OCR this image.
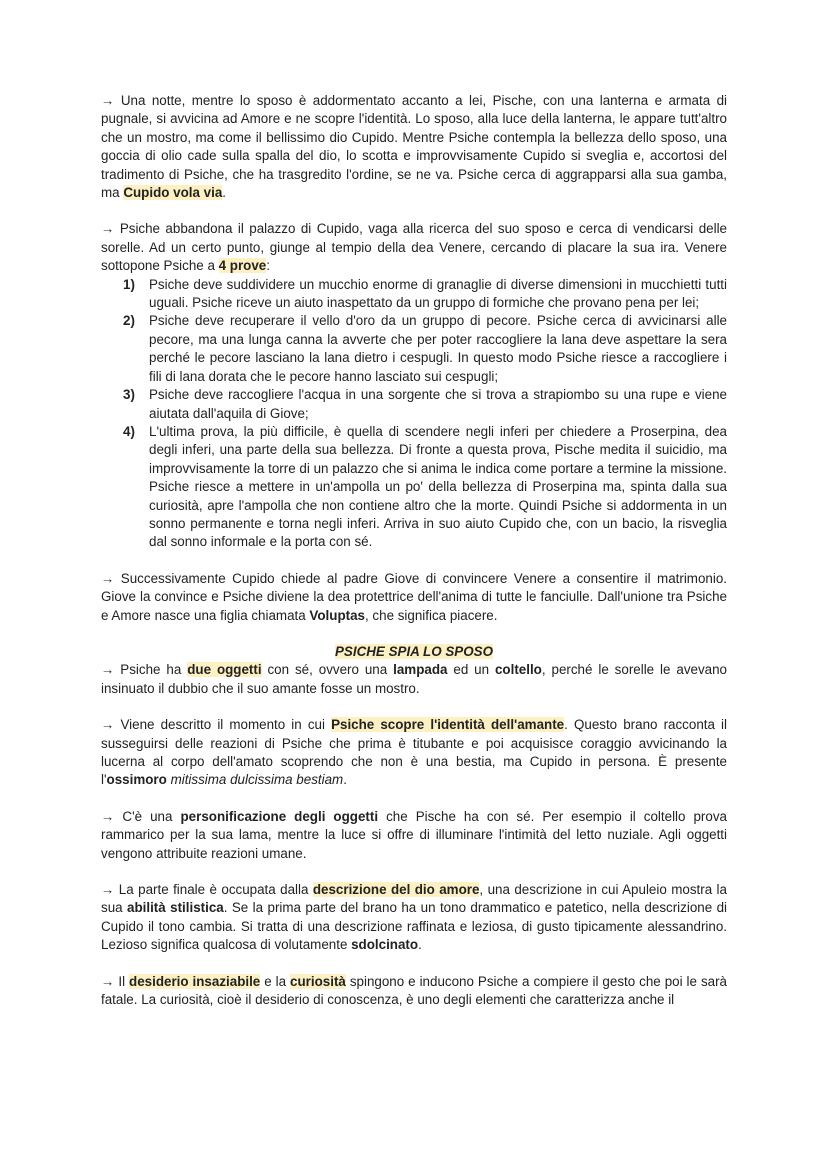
→ Una notte, mentre lo sposo è addormentato accanto a lei, Pische, con una lanterna e armata di pugnale, si avvicina ad Amore e ne scopre l'identità. Lo sposo, alla luce della lanterna, le appare tutt'altro che un mostro, ma come il bellissimo dio Cupido. Mentre Psiche contempla la bellezza dello sposo, una goccia di olio cade sulla spalla del dio, lo scotta e improvvisamente Cupido si sveglia e, accortosi del tradimento di Psiche, che ha trasgredito l'ordine, se ne va. Psiche cerca di aggrapparsi alla sua gamba, ma Cupido vola via.

→ Psiche abbandona il palazzo di Cupido, vaga alla ricerca del suo sposo e cerca di vendicarsi delle sorelle. Ad un certo punto, giunge al tempio della dea Venere, cercando di placare la sua ira. Venere sottopone Psiche a 4 prove:

1) Psiche deve suddividere un mucchio enorme di granaglie di diverse dimensioni in mucchietti tutti uguali. Psiche riceve un aiuto inaspettato da un gruppo di formiche che provano pena per lei;
2) Psiche deve recuperare il vello d'oro da un gruppo di pecore. Psiche cerca di avvicinarsi alle pecore, ma una lunga canna la avverte che per poter raccogliere la lana deve aspettare la sera perché le pecore lasciano la lana dietro i cespugli. In questo modo Psiche riesce a raccogliere i fili di lana dorata che le pecore hanno lasciato sui cespugli;
3) Psiche deve raccogliere l'acqua in una sorgente che si trova a strapiombo su una rupe e viene aiutata dall'aquila di Giove;
4) L'ultima prova, la più difficile, è quella di scendere negli inferi per chiedere a Proserpina, dea degli inferi, una parte della sua bellezza. Di fronte a questa prova, Pische medita il suicidio, ma improvvisamente la torre di un palazzo che si anima le indica come portare a termine la missione. Psiche riesce a mettere in un'ampolla un po' della bellezza di Proserpina ma, spinta dalla sua curiosità, apre l'ampolla che non contiene altro che la morte. Quindi Psiche si addormenta in un sonno permanente e torna negli inferi. Arriva in suo aiuto Cupido che, con un bacio, la risveglia dal sonno informale e la porta con sé.

→ Successivamente Cupido chiede al padre Giove di convincere Venere a consentire il matrimonio. Giove la convince e Psiche diviene la dea protettrice dell'anima di tutte le fanciulle. Dall'unione tra Psiche e Amore nasce una figlia chiamata Voluptas, che significa piacere.

PSICHE SPIA LO SPOSO

→ Psiche ha due oggetti con sé, ovvero una lampada ed un coltello, perché le sorelle le avevano insinuato il dubbio che il suo amante fosse un mostro.

→ Viene descritto il momento in cui Psiche scopre l'identità dell'amante. Questo brano racconta il susseguirsi delle reazioni di Psiche che prima è titubante e poi acquisisce coraggio avvicinando la lucerna al corpo dell'amato scoprendo che non è una bestia, ma Cupido in persona. È presente l'ossimoro mitissima dulcissima bestiam.

→ C'è una personificazione degli oggetti che Pische ha con sé. Per esempio il coltello prova rammarico per la sua lama, mentre la luce si offre di illuminare l'intimità del letto nuziale. Agli oggetti vengono attribuite reazioni umane.

→ La parte finale è occupata dalla descrizione del dio amore, una descrizione in cui Apuleio mostra la sua abilità stilistica. Se la prima parte del brano ha un tono drammatico e patetico, nella descrizione di Cupido il tono cambia. Si tratta di una descrizione raffinata e leziosa, di gusto tipicamente alessandrino. Lezioso significa qualcosa di volutamente sdolcinato.

→ Il desiderio insaziabile e la curiosità spingono e inducono Psiche a compiere il gesto che poi le sarà fatale. La curiosità, cioè il desiderio di conoscenza, è uno degli elementi che caratterizza anche il
